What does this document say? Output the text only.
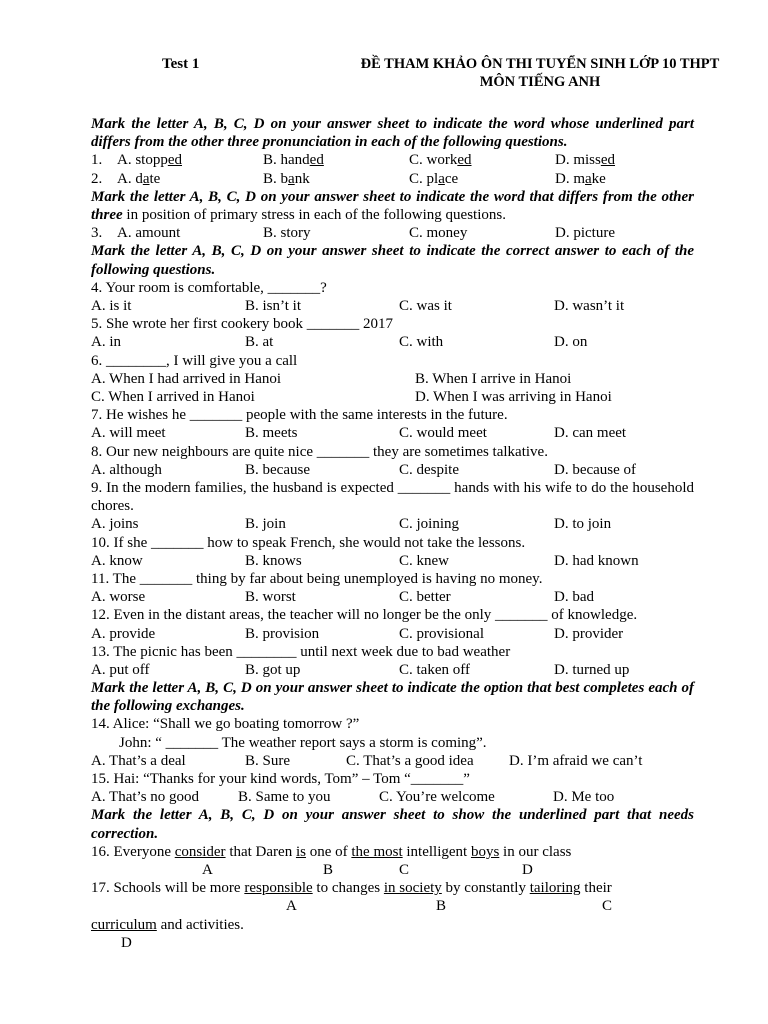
Test 1	ĐỀ THAM KHẢO ÔN THI TUYỂN SINH LỚP 10 THPT
MÔN TIẾNG ANH
Mark the letter A, B, C, D on your answer sheet to indicate the word whose underlined part differs from the other three pronunciation in each of the following questions.
1. A. stopped	B. handed	C. worked	D. missed
2. A. date	B. bank	C. place	D. make
Mark the letter A, B, C, D on your answer sheet to indicate the word that differs from the other three in position of primary stress in each of the following questions.
3. A. amount	B. story	C. money	D. picture
Mark the letter A, B, C, D on your answer sheet to indicate the correct answer to each of the following questions.
4. Your room is comfortable, _______?
A. is it	B. isn’t it	C. was it	D. wasn’t it
5. She wrote her first cookery book _______ 2017
A. in	B. at	C. with	D. on
6. ________, I will give you a call
A. When I had arrived in Hanoi	B. When I arrive in Hanoi
C. When I arrived in Hanoi	D. When I was arriving in Hanoi
7. He wishes he _______ people with the same interests in the future.
A. will meet	B. meets	C. would meet	D. can meet
8. Our new neighbours are quite nice _______ they are sometimes talkative.
A. although	B. because	C. despite	D. because of
9. In the modern families, the husband is expected _______ hands with his wife to do the household chores.
A. joins	B. join	C. joining	D. to join
10. If she _______ how to speak French, she would not take the lessons.
A. know	B. knows	C. knew	D. had known
11. The _______ thing by far about being unemployed is having no money.
A. worse	B. worst	C. better	D. bad
12. Even in the distant areas, the teacher will no longer be the only _______ of knowledge.
A. provide	B. provision	C. provisional	D. provider
13. The picnic has been ________ until next week due to bad weather
A. put off	B. got up	C. taken off	D. turned up
Mark the letter A, B, C, D on your answer sheet to indicate the option that best completes each of the following exchanges.
14. Alice: “Shall we go boating tomorrow ?”
John: “ _______ The weather report says a storm is coming”.
A. That’s a deal	B. Sure	C. That’s a good idea D. I’m afraid we can’t
15. Hai: “Thanks for your kind words, Tom” – Tom “_______”
A. That’s no good	B. Same to you	C. You’re welcome	D. Me too
Mark the letter A, B, C, D on your answer sheet to show the underlined part that needs correction.
16. Everyone consider that Daren is one of the most intelligent boys in our class
A	B	C	D
17. Schools will be more responsible to changes in society by constantly tailoring their
A	B	C
curriculum and activities.
D
